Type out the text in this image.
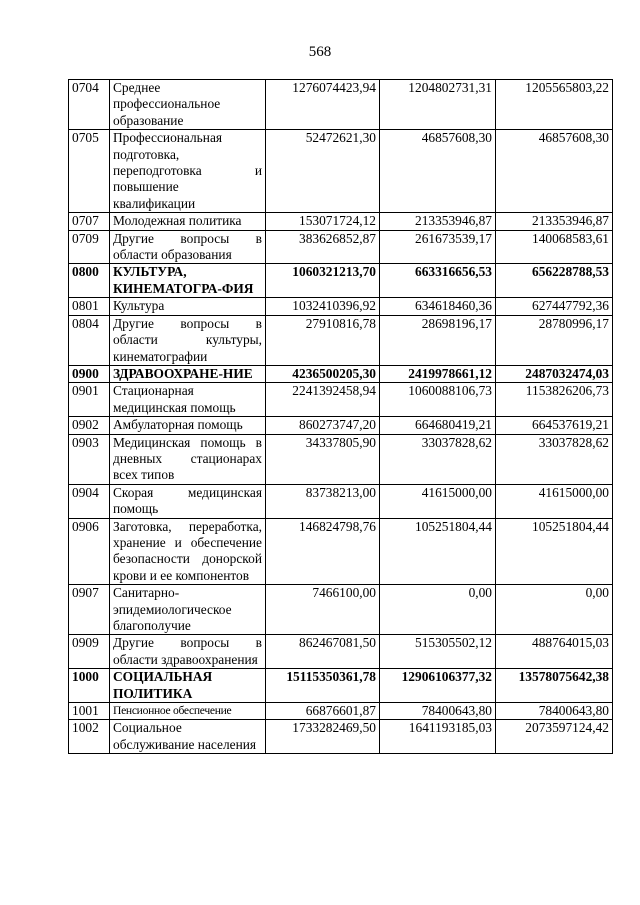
568
0704	Среднее профессиональное образование	1276074423,94	1204802731,31	1205565803,22
0705	Профессиональная подготовка, переподготовка и повышение квалификации	52472621,30	46857608,30	46857608,30
0707	Молодежная политика	153071724,12	213353946,87	213353946,87
0709	Другие вопросы в области образования	383626852,87	261673539,17	140068583,61
0800	КУЛЬТУРА, КИНЕМАТОГРА-ФИЯ	1060321213,70	663316656,53	656228788,53
0801	Культура	1032410396,92	634618460,36	627447792,36
0804	Другие вопросы в области культуры, кинематографии	27910816,78	28698196,17	28780996,17
0900	ЗДРАВООХРАНЕ-НИЕ	4236500205,30	2419978661,12	2487032474,03
0901	Стационарная медицинская помощь	2241392458,94	1060088106,73	1153826206,73
0902	Амбулаторная помощь	860273747,20	664680419,21	664537619,21
0903	Медицинская помощь в дневных стационарах всех типов	34337805,90	33037828,62	33037828,62
0904	Скорая медицинская помощь	83738213,00	41615000,00	41615000,00
0906	Заготовка, переработка, хранение и обеспечение безопасности донорской крови и ее компонентов	146824798,76	105251804,44	105251804,44
0907	Санитарно-эпидемиологическое благополучие	7466100,00	0,00	0,00
0909	Другие вопросы в области здравоохранения	862467081,50	515305502,12	488764015,03
1000	СОЦИАЛЬНАЯ ПОЛИТИКА	15115350361,78	12906106377,32	13578075642,38
1001	Пенсионное обеспечение	66876601,87	78400643,80	78400643,80
1002	Социальное обслуживание населения	1733282469,50	1641193185,03	2073597124,42
